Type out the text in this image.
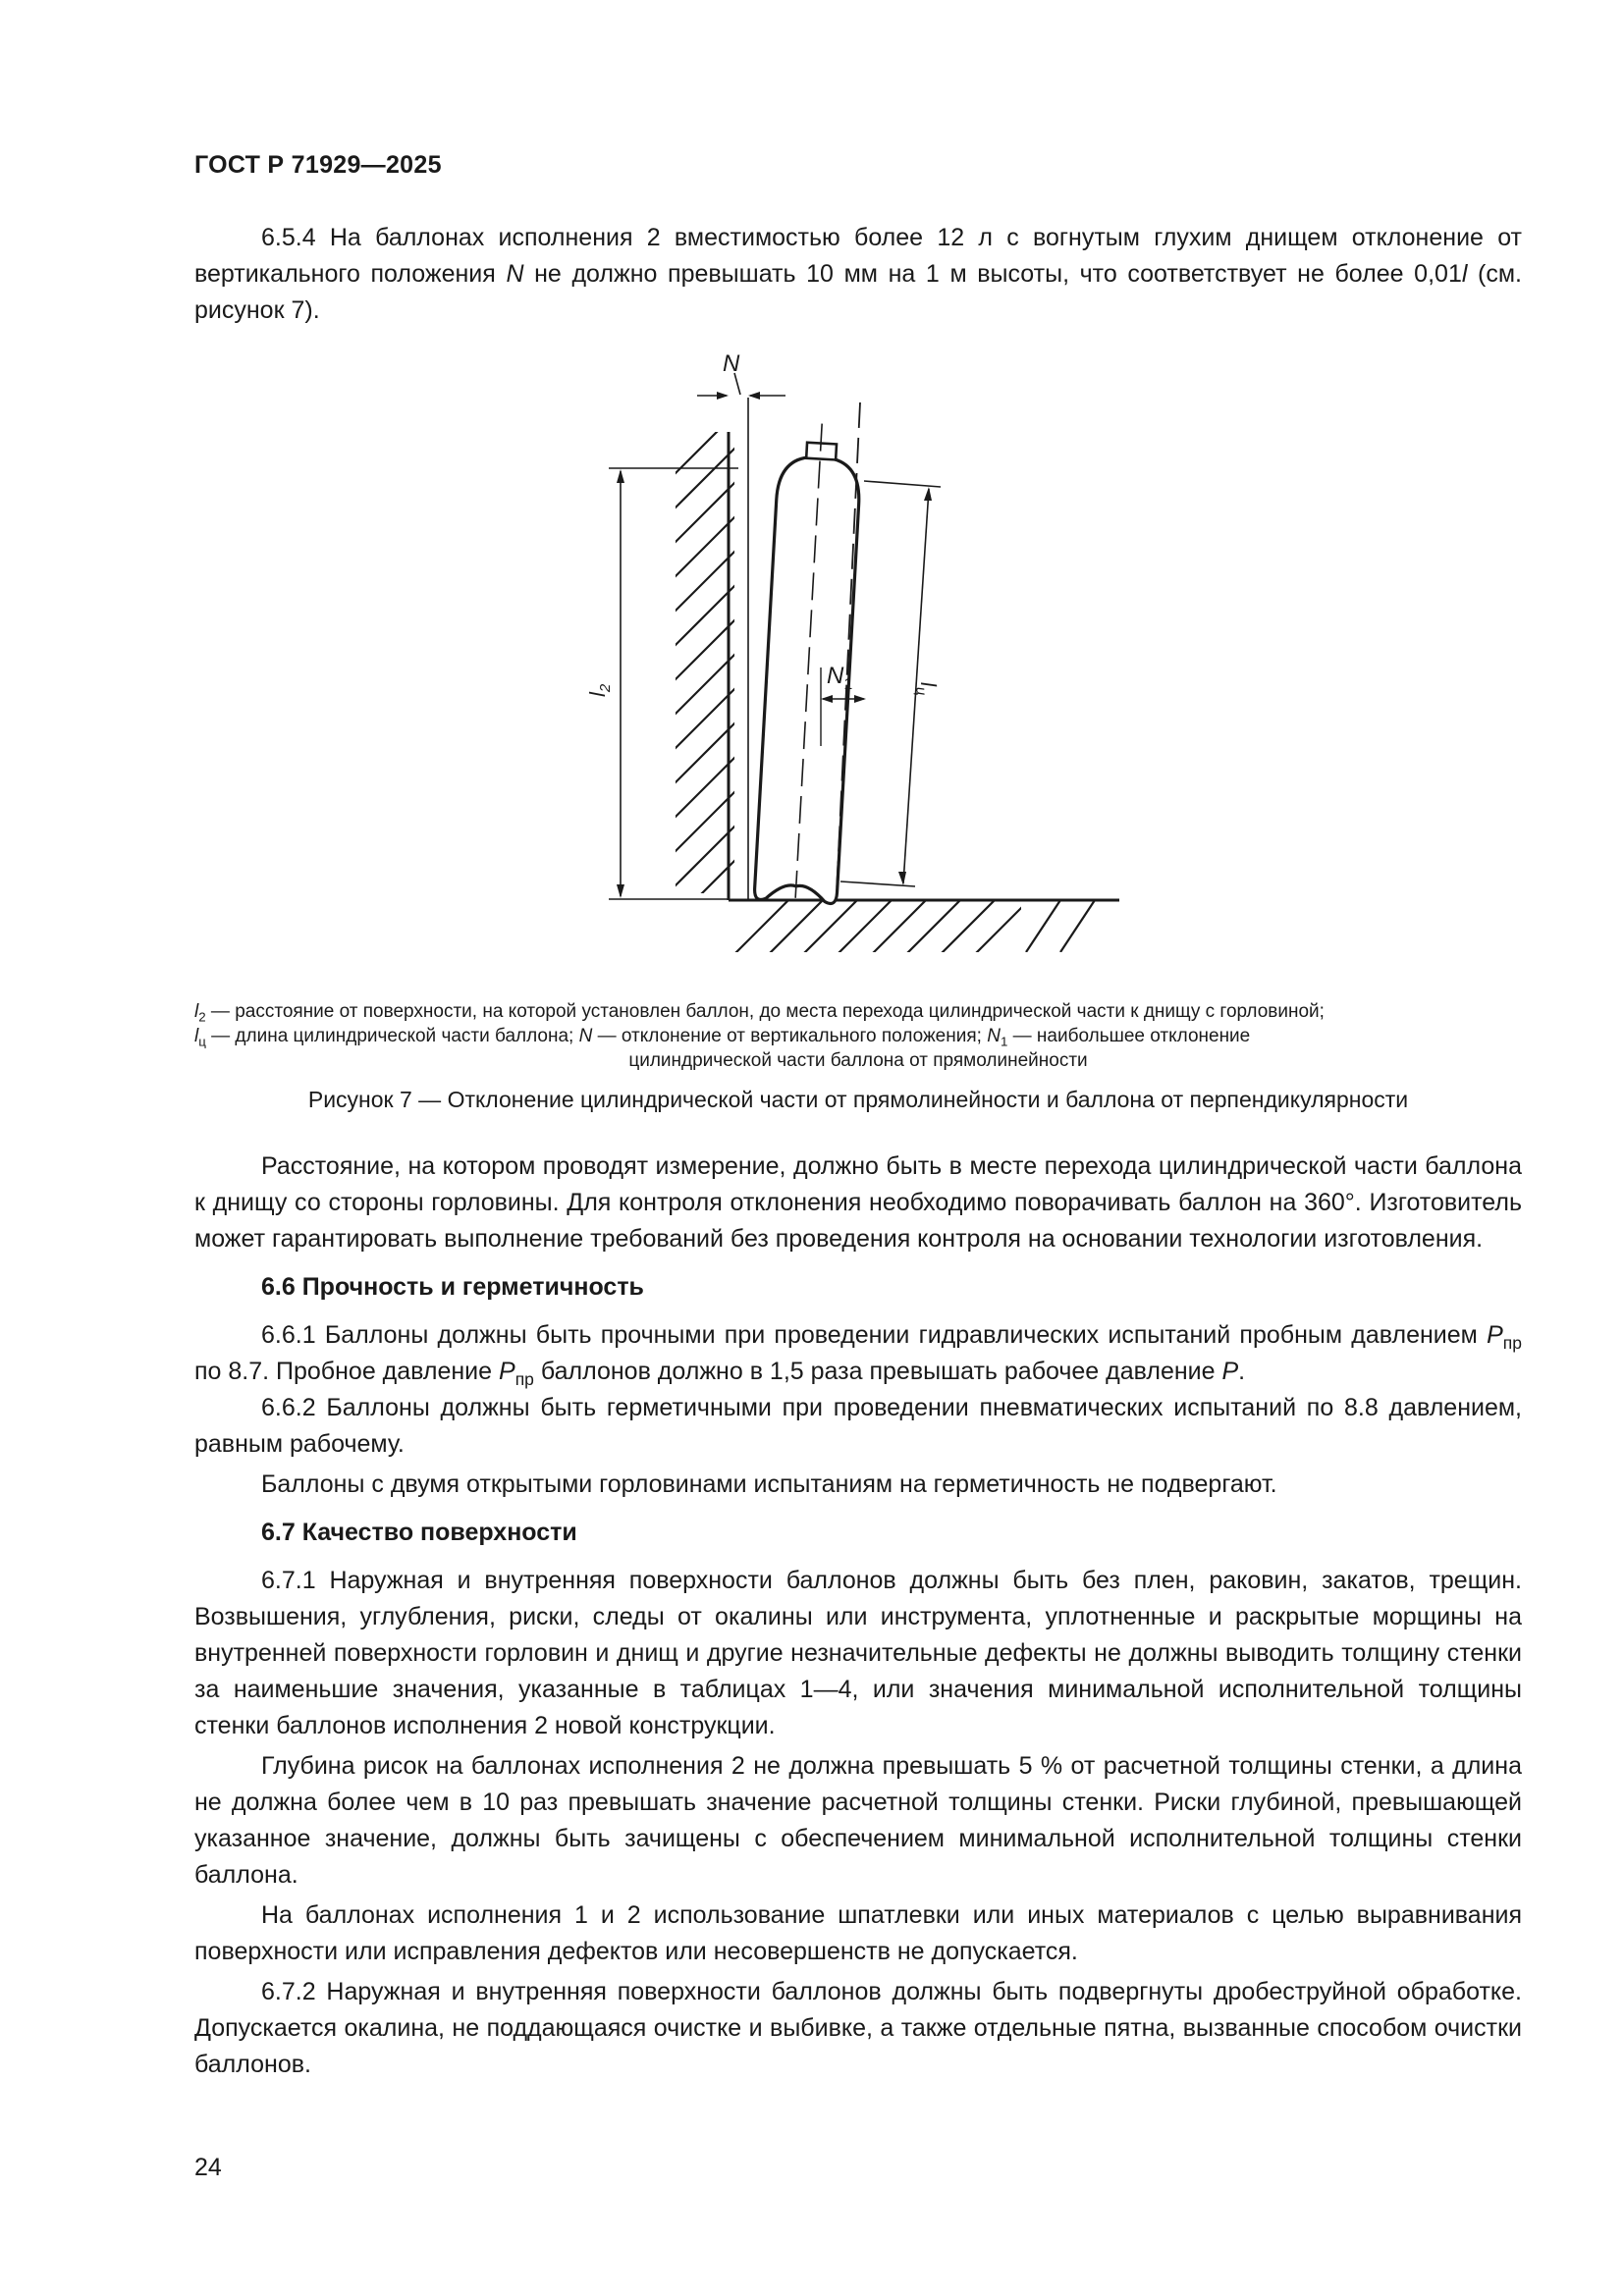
ГОСТ Р 71929—2025

6.5.4 На баллонах исполнения 2 вместимостью более 12 л с вогнутым глухим днищем отклонение от вертикального положения N не должно превышать 10 мм на 1 м высоты, что соответствует не более 0,01l (см. рисунок 7).

N
$l_2$	$l_ц$
$N_1$
$l_2$ — расстояние от поверхности, на которой установлен баллон, до места перехода цилиндрической части к днищу с горловиной;
$l_ц$ — длина цилиндрической части баллона; N — отклонение от вертикального положения; $N_1$ — наибольшее отклонение
цилиндрической части баллона от прямолинейности
Рисунок 7 — Отклонение цилиндрической части от прямолинейности и баллона от перпендикулярности

Расстояние, на котором проводят измерение, должно быть в месте перехода цилиндрической части баллона к днищу со стороны горловины. Для контроля отклонения необходимо поворачивать баллон на 360°. Изготовитель может гарантировать выполнение требований без проведения контроля на основании технологии изготовления.

6.6 Прочность и герметичность

6.6.1 Баллоны должны быть прочными при проведении гидравлических испытаний пробным давлением $P_{пр}$ по 8.7. Пробное давление $P_{пр}$ баллонов должно в 1,5 раза превышать рабочее давление P.

6.6.2 Баллоны должны быть герметичными при проведении пневматических испытаний по 8.8 давлением, равным рабочему.

Баллоны с двумя открытыми горловинами испытаниям на герметичность не подвергают.

6.7 Качество поверхности

6.7.1 Наружная и внутренняя поверхности баллонов должны быть без плен, раковин, закатов, трещин. Возвышения, углубления, риски, следы от окалины или инструмента, уплотненные и раскрытые морщины на внутренней поверхности горловин и днищ и другие незначительные дефекты не должны выводить толщину стенки за наименьшие значения, указанные в таблицах 1—4, или значения минимальной исполнительной толщины стенки баллонов исполнения 2 новой конструкции.

Глубина рисок на баллонах исполнения 2 не должна превышать 5 % от расчетной толщины стенки, а длина не должна более чем в 10 раз превышать значение расчетной толщины стенки. Риски глубиной, превышающей указанное значение, должны быть зачищены с обеспечением минимальной исполнительной толщины стенки баллона.

На баллонах исполнения 1 и 2 использование шпатлевки или иных материалов с целью выравнивания поверхности или исправления дефектов или несовершенств не допускается.

6.7.2 Наружная и внутренняя поверхности баллонов должны быть подвергнуты дробеструйной обработке. Допускается окалина, не поддающаяся очистке и выбивке, а также отдельные пятна, вызванные способом очистки баллонов.

24
